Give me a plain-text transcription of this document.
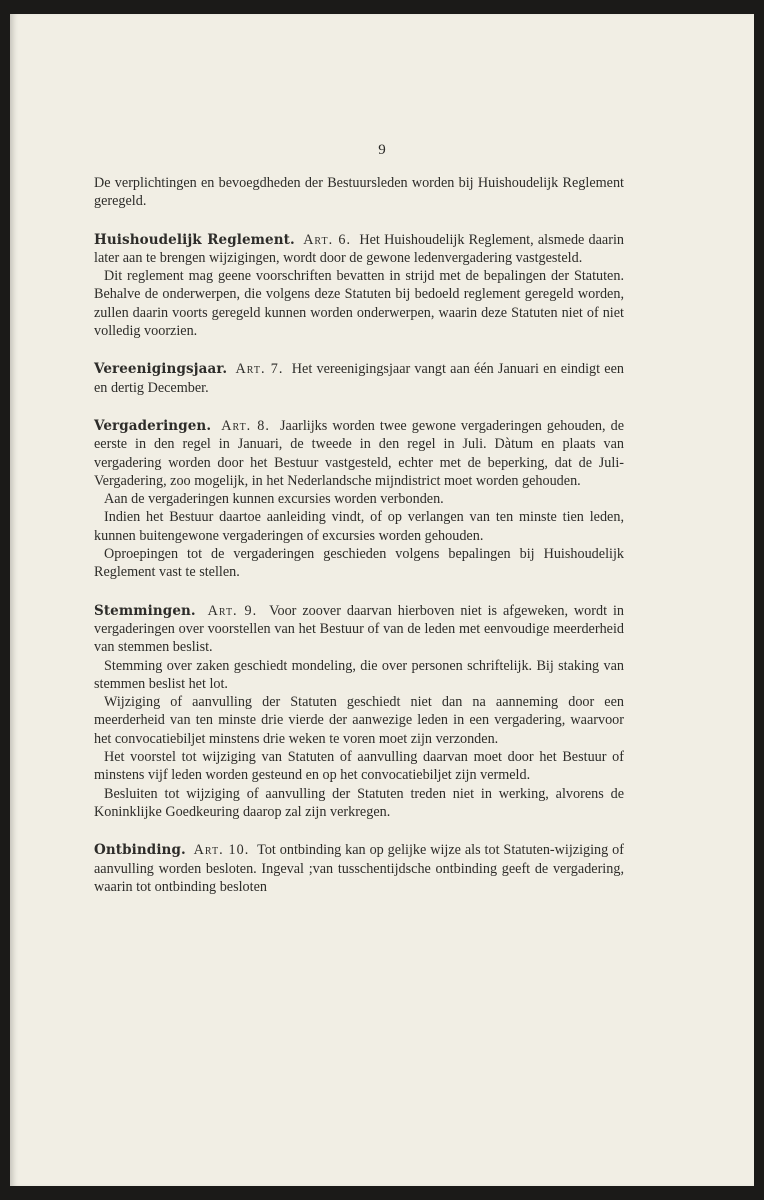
9

De verplichtingen en bevoegdheden der Bestuursleden worden bij Huishoudelijk Reglement geregeld.

Huishoudelijk Reglement. Art. 6. Het Huishoudelijk Reglement, alsmede daarin later aan te brengen wijzigingen, wordt door de gewone ledenvergadering vastgesteld.

Dit reglement mag geene voorschriften bevatten in strijd met de bepalingen der Statuten. Behalve de onderwerpen, die volgens deze Statuten bij bedoeld reglement geregeld worden, zullen daarin voorts geregeld kunnen worden onderwerpen, waarin deze Statuten niet of niet volledig voorzien.

Vereenigingsjaar. Art. 7. Het vereenigingsjaar vangt aan één Januari en eindigt een en dertig December.

Vergaderingen. Art. 8. Jaarlijks worden twee gewone vergaderingen gehouden, de eerste in den regel in Januari, de tweede in den regel in Juli. Dàtum en plaats van vergadering worden door het Bestuur vastgesteld, echter met de beperking, dat de Juli-Vergadering, zoo mogelijk, in het Nederlandsche mijndistrict moet worden gehouden.

Aan de vergaderingen kunnen excursies worden verbonden.

Indien het Bestuur daartoe aanleiding vindt, of op verlangen van ten minste tien leden, kunnen buitengewone vergaderingen of excursies worden gehouden.

Oproepingen tot de vergaderingen geschieden volgens bepalingen bij Huishoudelijk Reglement vast te stellen.

Stemmingen. Art. 9. Voor zoover daarvan hierboven niet is afgeweken, wordt in vergaderingen over voorstellen van het Bestuur of van de leden met eenvoudige meerderheid van stemmen beslist.

Stemming over zaken geschiedt mondeling, die over personen schriftelijk. Bij staking van stemmen beslist het lot.

Wijziging of aanvulling der Statuten geschiedt niet dan na aanneming door een meerderheid van ten minste drie vierde der aanwezige leden in een vergadering, waarvoor het convocatiebiljet minstens drie weken te voren moet zijn verzonden.

Het voorstel tot wijziging van Statuten of aanvulling daarvan moet door het Bestuur of minstens vijf leden worden gesteund en op het convocatiebiljet zijn vermeld.

Besluiten tot wijziging of aanvulling der Statuten treden niet in werking, alvorens de Koninklijke Goedkeuring daarop zal zijn verkregen.

Ontbinding. Art. 10. Tot ontbinding kan op gelijke wijze als tot Statuten-wijziging of aanvulling worden besloten. Ingeval ;van tusschentijdsche ontbinding geeft de vergadering, waarin tot ontbinding besloten
